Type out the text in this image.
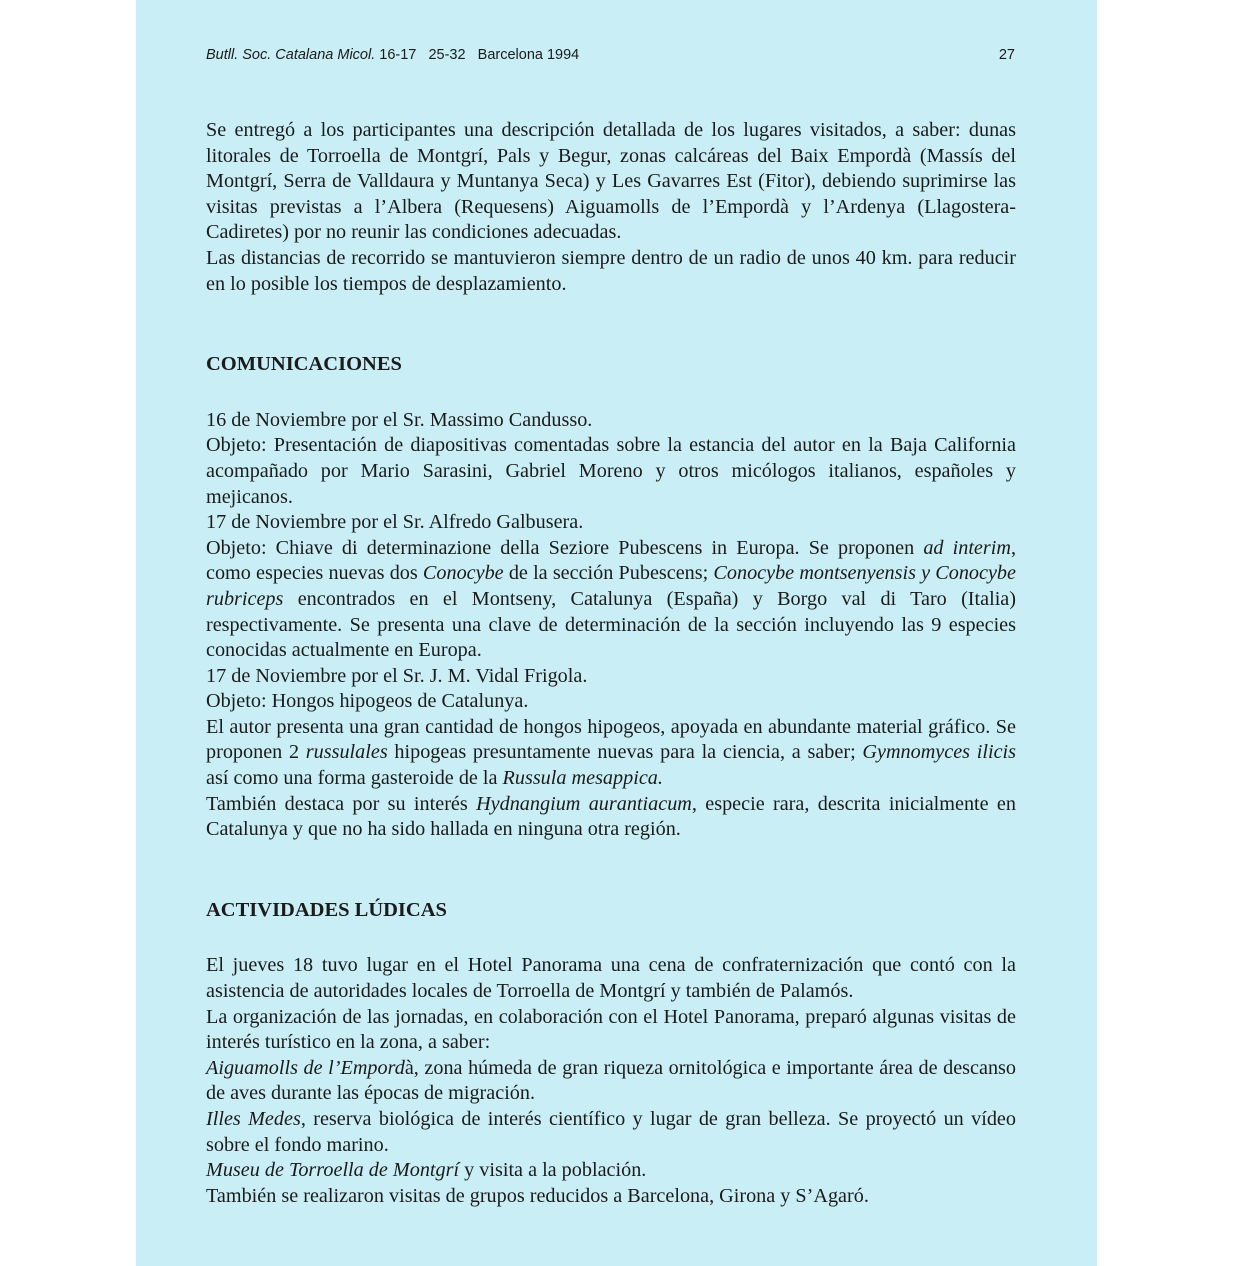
Butll. Soc. Catalana Micol. 16-17 25-32 Barcelona 1994	27

Se entregó a los participantes una descripción detallada de los lugares visitados, a saber: dunas litorales de Torroella de Montgrí, Pals y Begur, zonas calcáreas del Baix Empordà (Massís del Montgrí, Serra de Valldaura y Muntanya Seca) y Les Gavarres Est (Fitor), debiendo suprimirse las visitas previstas a l’Albera (Requesens) Aiguamolls de l’Empordà y l’Ardenya (Llagostera-Cadiretes) por no reunir las condiciones adecuadas.

Las distancias de recorrido se mantuvieron siempre dentro de un radio de unos 40 km. para reducir en lo posible los tiempos de desplazamiento.

COMUNICACIONES

16 de Noviembre por el Sr. Massimo Candusso.

Objeto: Presentación de diapositivas comentadas sobre la estancia del autor en la Baja California acompañado por Mario Sarasini, Gabriel Moreno y otros micólogos italianos, españoles y mejicanos.

17 de Noviembre por el Sr. Alfredo Galbusera.

Objeto: Chiave di determinazione della Seziore Pubescens in Europa. Se proponen ad interim, como especies nuevas dos Conocybe de la sección Pubescens; Conocybe montsenyensis y Conocybe rubriceps encontrados en el Montseny, Catalunya (España) y Borgo val di Taro (Italia) respectivamente. Se presenta una clave de determinación de la sección incluyendo las 9 especies conocidas actualmente en Europa.

17 de Noviembre por el Sr. J. M. Vidal Frigola.

Objeto: Hongos hipogeos de Catalunya.

El autor presenta una gran cantidad de hongos hipogeos, apoyada en abundante material gráfico. Se proponen 2 russulales hipogeas presuntamente nuevas para la ciencia, a saber; Gymnomyces ilicis así como una forma gasteroide de la Russula mesappica.

También destaca por su interés Hydnangium aurantiacum, especie rara, descrita inicialmente en Catalunya y que no ha sido hallada en ninguna otra región.

ACTIVIDADES LÚDICAS

El jueves 18 tuvo lugar en el Hotel Panorama una cena de confraternización que contó con la asistencia de autoridades locales de Torroella de Montgrí y también de Palamós.

La organización de las jornadas, en colaboración con el Hotel Panorama, preparó algunas visitas de interés turístico en la zona, a saber:

Aiguamolls de l’Empordà, zona húmeda de gran riqueza ornitológica e importante área de descanso de aves durante las épocas de migración.

Illes Medes, reserva biológica de interés científico y lugar de gran belleza. Se proyectó un vídeo sobre el fondo marino.

Museu de Torroella de Montgrí y visita a la población.

También se realizaron visitas de grupos reducidos a Barcelona, Girona y S’Agaró.
